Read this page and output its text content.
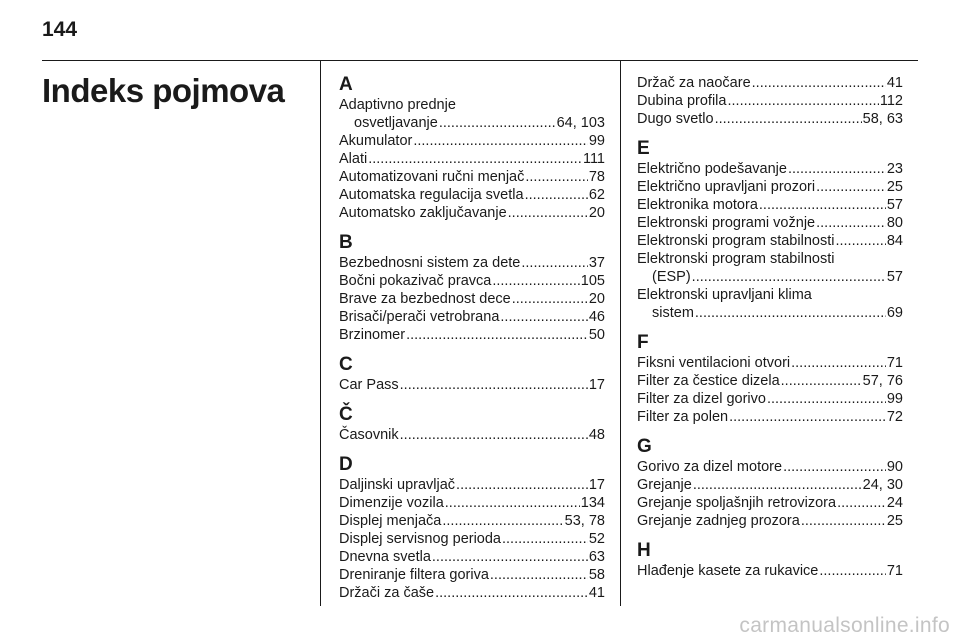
144
Indeks pojmova	A
Adaptivno prednje
osvetljavanje .....	64, 103
Akumulator .....	99
Alati .....	111
Automatizovani ručni menjač .....	78
Automatska regulacija svetla .....	62
Automatsko zaključavanje .....	20
B
Bezbednosni sistem za dete .....	37
Bočni pokazivač pravca .....	105
Brave za bezbednost dece .....	20
Brisači/perači vetrobrana .....	46
Brzinomer .....	50
C
Car Pass .....	17
Č
Časovnik .....	48
D
Daljinski upravljač .....	17
Dimenzije vozila .....	134
Displej menjača .....	53, 78
Displej servisnog perioda .....	52
Dnevna svetla .....	63
Dreniranje filtera goriva .....	58
Držači za čaše .....	41
Držač za naočare .....	41
Dubina profila .....	112
Dugo svetlo .....	58, 63
E
Električno podešavanje .....	23
Električno upravljani prozori .....	25
Elektronika motora .....	57
Elektronski programi vožnje .....	80
Elektronski program stabilnosti .....	84
Elektronski program stabilnosti
(ESP) .....	57
Elektronski upravljani klima
sistem .....	69
F
Fiksni ventilacioni otvori .....	71
Filter za čestice dizela .....	57, 76
Filter za dizel gorivo .....	99
Filter za polen .....	72
G
Gorivo za dizel motore .....	90
Grejanje .....	24, 30
Grejanje spoljašnjih retrovizora .....	24
Grejanje zadnjeg prozora .....	25
H
Hlađenje kasete za rukavice .....	71
carmanualsonline.info
